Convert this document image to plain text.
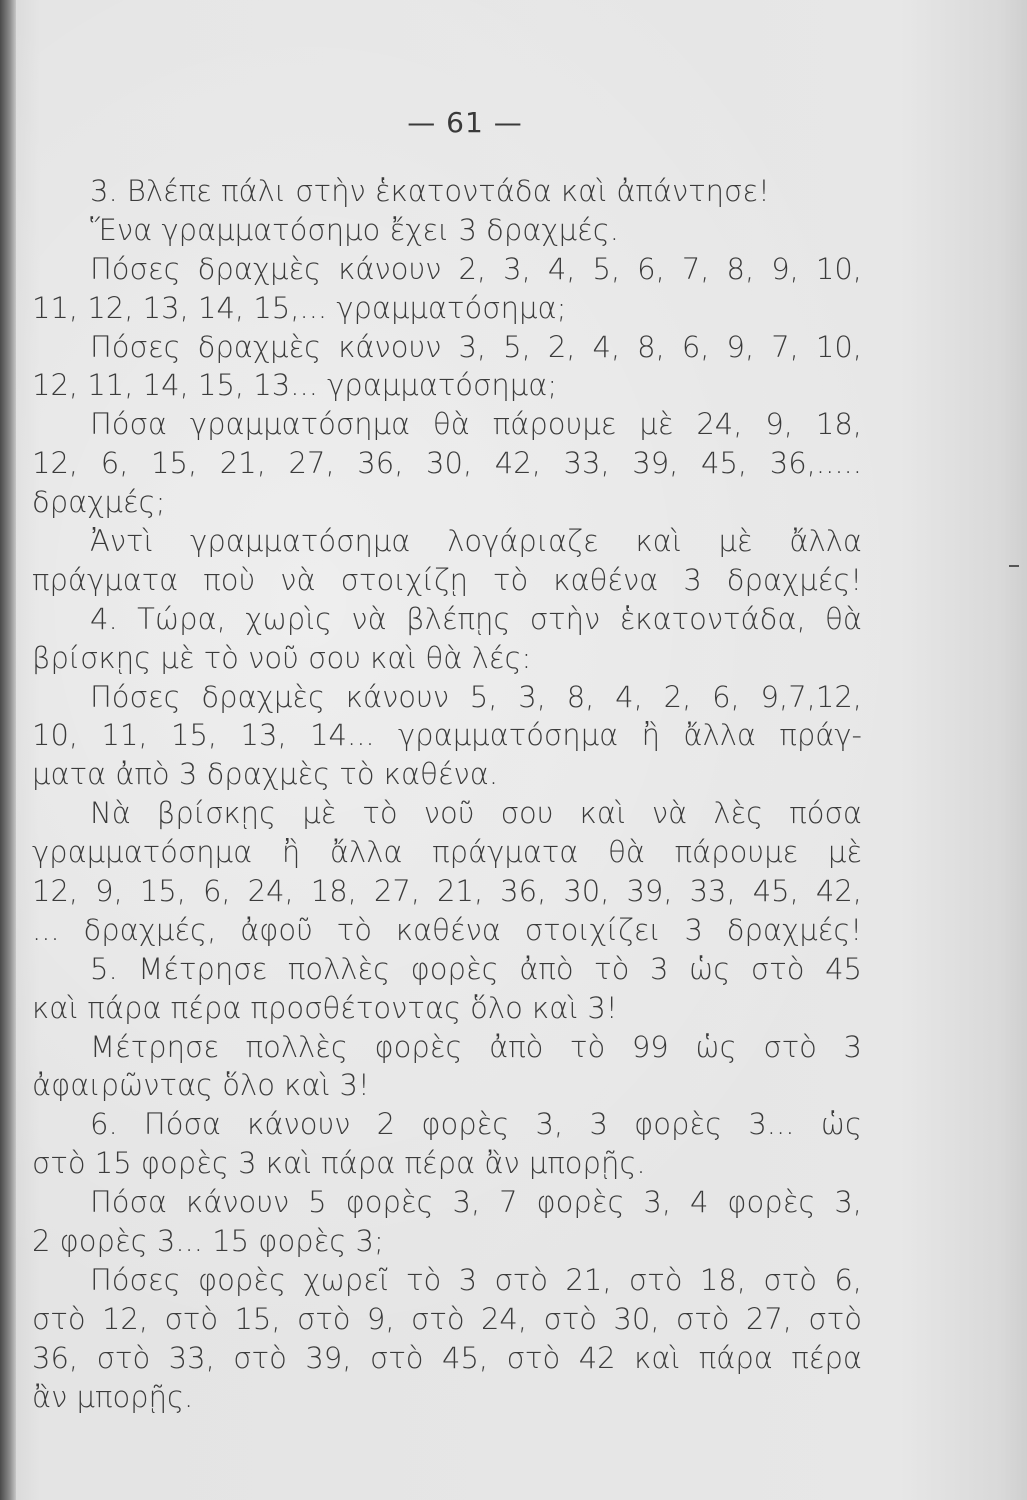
— 61 —
3. Βλέπε πάλι στὴν ἑκατοντάδα καὶ ἀπάντησε!
Ἕνα γραμματόσημο ἔχει 3 δραχμές.
Πόσες δραχμὲς κάνουν 2, 3, 4, 5, 6, 7, 8, 9, 10,
11, 12, 13, 14, 15,... γραμματόσημα;
Πόσες δραχμὲς κάνουν 3, 5, 2, 4, 8, 6, 9, 7, 10,
12, 11, 14, 15, 13... γραμματόσημα;
Πόσα γραμματόσημα θὰ πάρουμε μὲ 24, 9, 18,
12, 6, 15, 21, 27, 36, 30, 42, 33, 39, 45, 36,.....
δραχμές;
Ἀντὶ γραμματόσημα λογάριαζε καὶ μὲ ἄλλα
πράγματα ποὺ νὰ στοιχίζῃ τὸ καθένα 3 δραχμές!
4. Τώρα, χωρὶς νὰ βλέπῃς στὴν ἑκατοντάδα, θὰ
βρίσκῃς μὲ τὸ νοῦ σου καὶ θὰ λές:
Πόσες δραχμὲς κάνουν 5, 3, 8, 4, 2, 6, 9,7,12,
10, 11, 15, 13, 14... γραμματόσημα ἢ ἄλλα πράγ-
ματα ἀπὸ 3 δραχμὲς τὸ καθένα.
Νὰ βρίσκῃς μὲ τὸ νοῦ σου καὶ νὰ λὲς πόσα
γραμματόσημα ἢ ἄλλα πράγματα θὰ πάρουμε μὲ
12, 9, 15, 6, 24, 18, 27, 21, 36, 30, 39, 33, 45, 42,
... δραχμές, ἀφοῦ τὸ καθένα στοιχίζει 3 δραχμές!
5. Μέτρησε πολλὲς φορὲς ἀπὸ τὸ 3 ὡς στὸ 45
καὶ πάρα πέρα προσθέτοντας ὅλο καὶ 3!
Μέτρησε πολλὲς φορὲς ἀπὸ τὸ 99 ὡς στὸ 3
ἀφαιρῶντας ὅλο καὶ 3!
6. Πόσα κάνουν 2 φορὲς 3, 3 φορὲς 3... ὡς
στὸ 15 φορὲς 3 καὶ πάρα πέρα ἂν μπορῇς.
Πόσα κάνουν 5 φορὲς 3, 7 φορὲς 3, 4 φορὲς 3,
2 φορὲς 3... 15 φορὲς 3;
Πόσες φορὲς χωρεῖ τὸ 3 στὸ 21, στὸ 18, στὸ 6,
στὸ 12, στὸ 15, στὸ 9, στὸ 24, στὸ 30, στὸ 27, στὸ
36, στὸ 33, στὸ 39, στὸ 45, στὸ 42 καὶ πάρα πέρα
ἂν μπορῇς.
